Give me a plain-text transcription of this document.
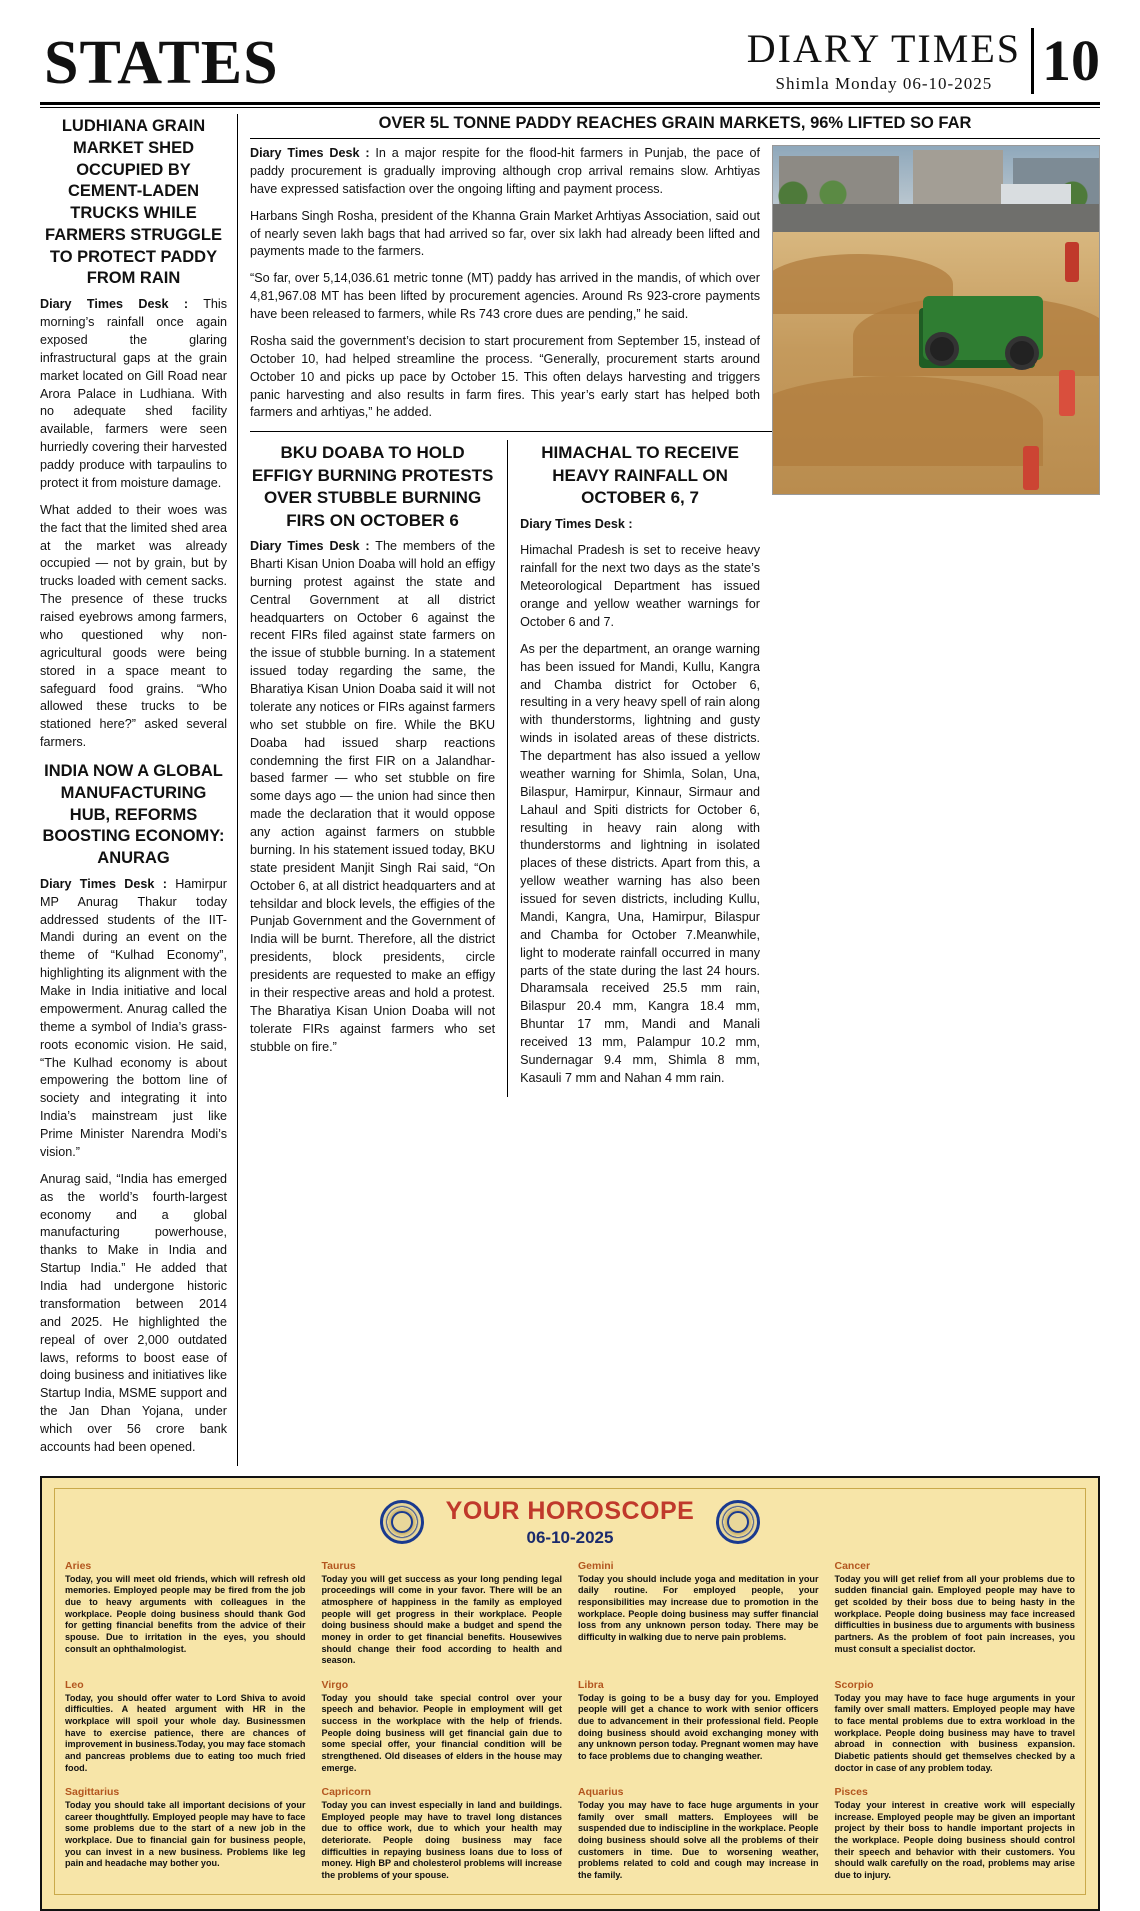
STATES	DIARY TIMES
Shimla Monday 06-10-2025 10
LUDHIANA GRAIN MARKET SHED OCCUPIED BY CEMENT-LADEN TRUCKS WHILE FARMERS STRUGGLE TO PROTECT PADDY FROM RAIN

Diary Times Desk : This morning’s rainfall once again exposed the glaring infrastructural gaps at the grain market located on Gill Road near Arora Palace in Ludhiana. With no adequate shed facility available, farmers were seen hurriedly covering their harvested paddy produce with tarpaulins to protect it from moisture damage.

What added to their woes was the fact that the limited shed area at the market was already occupied — not by grain, but by trucks loaded with cement sacks. The presence of these trucks raised eyebrows among farmers, who questioned why non-agricultural goods were being stored in a space meant to safeguard food grains. “Who allowed these trucks to be stationed here?” asked several farmers.

INDIA NOW A GLOBAL MANUFACTURING HUB, REFORMS BOOSTING ECONOMY: ANURAG

Diary Times Desk : Hamirpur MP Anurag Thakur today addressed students of the IIT-Mandi during an event on the theme of “Kulhad Economy”, highlighting its alignment with the Make in India initiative and local empowerment. Anurag called the theme a symbol of India’s grass-roots economic vision. He said, “The Kulhad economy is about empowering the bottom line of society and integrating it into India’s mainstream just like Prime Minister Narendra Modi’s vision.”

Anurag said, “India has emerged as the world’s fourth-largest economy and a global manufacturing powerhouse, thanks to Make in India and Startup India.” He added that India had undergone historic transformation between 2014 and 2025. He highlighted the repeal of over 2,000 outdated laws, reforms to boost ease of doing business and initiatives like Startup India, MSME support and the Jan Dhan Yojana, under which over 56 crore bank accounts had been opened.

OVER 5L TONNE PADDY REACHES GRAIN MARKETS, 96% LIFTED SO FAR

Diary Times Desk : In a major respite for the flood-hit farmers in Punjab, the pace of paddy procurement is gradually improving although crop arrival remains slow. Arhtiyas have expressed satisfaction over the ongoing lifting and payment process.

Harbans Singh Rosha, president of the Khanna Grain Market Arhtiyas Association, said out of nearly seven lakh bags that had arrived so far, over six lakh had already been lifted and payments made to the farmers.

“So far, over 5,14,036.61 metric tonne (MT) paddy has arrived in the mandis, of which over 4,81,967.08 MT has been lifted by procurement agencies. Around Rs 923-crore payments have been released to farmers, while Rs 743 crore dues are pending,” he said.

Rosha said the government’s decision to start procurement from September 15, instead of October 10, had helped streamline the process. “Generally, procurement starts around October 10 and picks up pace by October 15. This often delays harvesting and triggers panic harvesting and also results in farm fires. This year’s early start has helped both farmers and arhtiyas,” he added.

BKU DOABA TO HOLD EFFIGY BURNING PROTESTS OVER STUBBLE BURNING FIRS ON OCTOBER 6

Diary Times Desk : The members of the Bharti Kisan Union Doaba will hold an effigy burning protest against the state and Central Government at all district headquarters on October 6 against the recent FIRs filed against state farmers on the issue of stubble burning. In a statement issued today regarding the same, the Bharatiya Kisan Union Doaba said it will not tolerate any notices or FIRs against farmers who set stubble on fire. While the BKU Doaba had issued sharp reactions condemning the first FIR on a Jalandhar-based farmer — who set stubble on fire some days ago — the union had since then made the declaration that it would oppose any action against farmers on stubble burning. In his statement issued today, BKU state president Manjit Singh Rai said, “On October 6, at all district headquarters and at tehsildar and block levels, the effigies of the Punjab Government and the Government of India will be burnt. Therefore, all the district presidents, block presidents, circle presidents are requested to make an effigy in their respective areas and hold a protest. The Bharatiya Kisan Union Doaba will not tolerate FIRs against farmers who set stubble on fire.”

HIMACHAL TO RECEIVE HEAVY RAINFALL ON OCTOBER 6, 7

Diary Times Desk :

Himachal Pradesh is set to receive heavy rainfall for the next two days as the state’s Meteorological Department has issued orange and yellow weather warnings for October 6 and 7.

As per the department, an orange warning has been issued for Mandi, Kullu, Kangra and Chamba district for October 6, resulting in a very heavy spell of rain along with thunderstorms, lightning and gusty winds in isolated areas of these districts. The department has also issued a yellow weather warning for Shimla, Solan, Una, Bilaspur, Hamirpur, Kinnaur, Sirmaur and Lahaul and Spiti districts for October 6, resulting in heavy rain along with thunderstorms and lightning in isolated places of these districts. Apart from this, a yellow weather warning has also been issued for seven districts, including Kullu, Mandi, Kangra, Una, Hamirpur, Bilaspur and Chamba for October 7.Meanwhile, light to moderate rainfall occurred in many parts of the state during the last 24 hours. Dharamsala received 25.5 mm rain, Bilaspur 20.4 mm, Kangra 18.4 mm, Bhuntar 17 mm, Mandi and Manali received 13 mm, Palampur 10.2 mm, Sundernagar 9.4 mm, Shimla 8 mm, Kasauli 7 mm and Nahan 4 mm rain.

YOUR HOROSCOPE
06-10-2025
Aries
Today, you will meet old friends, which will refresh old memories. Employed people may be fired from the job due to heavy arguments with colleagues in the workplace. People doing business should thank God for getting financial benefits from the advice of their spouse. Due to irritation in the eyes, you should consult an ophthalmologist.
Taurus
Today you will get success as your long pending legal proceedings will come in your favor. There will be an atmosphere of happiness in the family as employed people will get progress in their workplace. People doing business should make a budget and spend the money in order to get financial benefits. Housewives should change their food according to health and season.
Gemini
Today you should include yoga and meditation in your daily routine. For employed people, your responsibilities may increase due to promotion in the workplace. People doing business may suffer financial loss from any unknown person today. There may be difficulty in walking due to nerve pain problems.
Cancer
Today you will get relief from all your problems due to sudden financial gain. Employed people may have to get scolded by their boss due to being hasty in the workplace. People doing business may face increased difficulties in business due to arguments with business partners. As the problem of foot pain increases, you must consult a specialist doctor.
Leo
Today, you should offer water to Lord Shiva to avoid difficulties. A heated argument with HR in the workplace will spoil your whole day. Businessmen have to exercise patience, there are chances of improvement in business.Today, you may face stomach and pancreas problems due to eating too much fried food.
Virgo
Today you should take special control over your speech and behavior. People in employment will get success in the workplace with the help of friends. People doing business will get financial gain due to some special offer, your financial condition will be strengthened. Old diseases of elders in the house may emerge.
Libra
Today is going to be a busy day for you. Employed people will get a chance to work with senior officers due to advancement in their professional field. People doing business should avoid exchanging money with any unknown person today. Pregnant women may have to face problems due to changing weather.
Scorpio
Today you may have to face huge arguments in your family over small matters. Employed people may have to face mental problems due to extra workload in the workplace. People doing business may have to travel abroad in connection with business expansion. Diabetic patients should get themselves checked by a doctor in case of any problem today.
Sagittarius
Today you should take all important decisions of your career thoughtfully. Employed people may have to face some problems due to the start of a new job in the workplace. Due to financial gain for business people, you can invest in a new business. Problems like leg pain and headache may bother you.
Capricorn
Today you can invest especially in land and buildings. Employed people may have to travel long distances due to office work, due to which your health may deteriorate. People doing business may face difficulties in repaying business loans due to loss of money. High BP and cholesterol problems will increase the problems of your spouse.
Aquarius
Today you may have to face huge arguments in your family over small matters. Employees will be suspended due to indiscipline in the workplace. People doing business should solve all the problems of their customers in time. Due to worsening weather, problems related to cold and cough may increase in the family.
Pisces
Today your interest in creative work will especially increase. Employed people may be given an important project by their boss to handle important projects in the workplace. People doing business should control their speech and behavior with their customers. You should walk carefully on the road, problems may arise due to injury.
